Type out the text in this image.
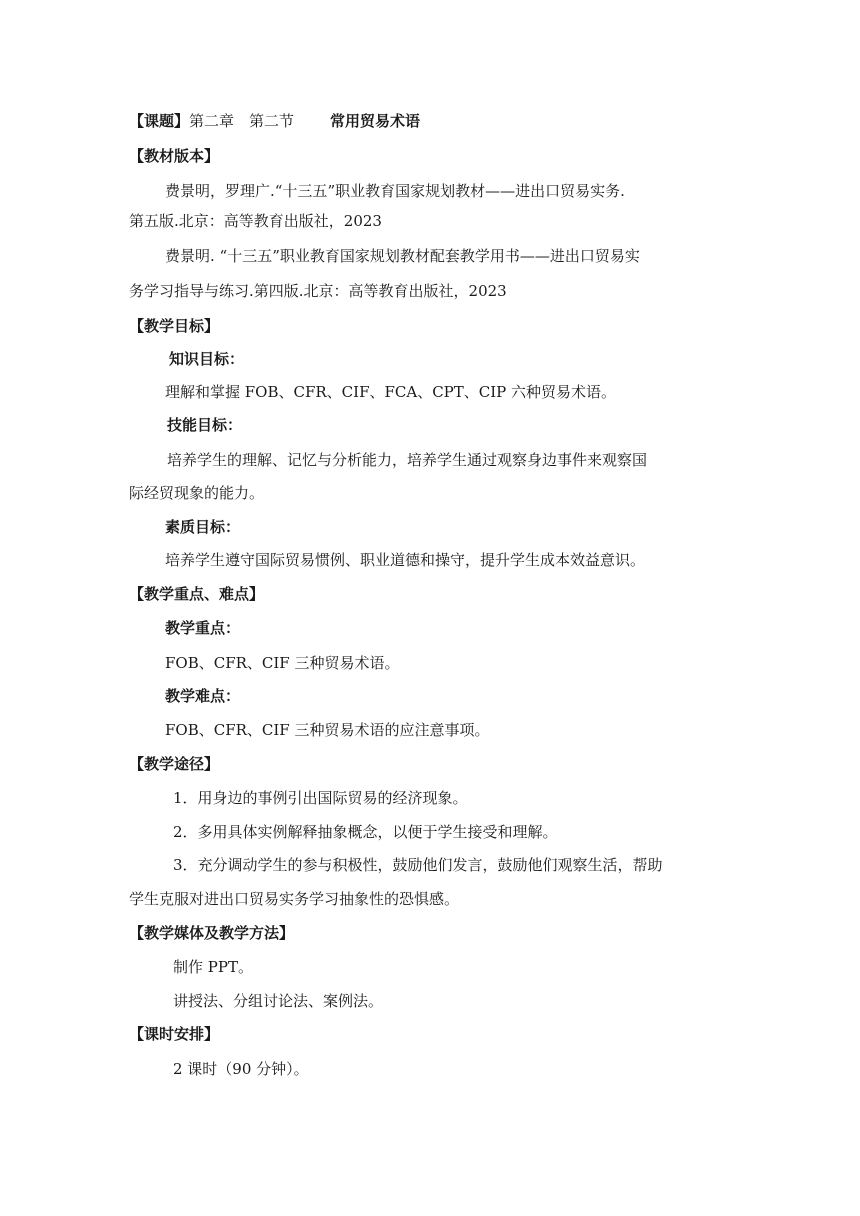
【课题】第二章　第二节 常用贸易术语
【教材版本】
费景明，罗理广.“十三五”职业教育国家规划教材——进出口贸易实务.
第五版.北京：高等教育出版社，2023
费景明. “十三五”职业教育国家规划教材配套教学用书——进出口贸易实
务学习指导与练习.第四版.北京：高等教育出版社，2023
【教学目标】
知识目标：
理解和掌握 FOB、CFR、CIF、FCA、CPT、CIP 六种贸易术语。
技能目标：
培养学生的理解、记忆与分析能力，培养学生通过观察身边事件来观察国
际经贸现象的能力。
素质目标：
培养学生遵守国际贸易惯例、职业道德和操守，提升学生成本效益意识。
【教学重点、难点】
教学重点：
FOB、CFR、CIF 三种贸易术语。
教学难点：
FOB、CFR、CIF 三种贸易术语的应注意事项。
【教学途径】
1．用身边的事例引出国际贸易的经济现象。
2．多用具体实例解释抽象概念，以便于学生接受和理解。
3．充分调动学生的参与积极性，鼓励他们发言，鼓励他们观察生活，帮助
学生克服对进出口贸易实务学习抽象性的恐惧感。
【教学媒体及教学方法】
制作 PPT。
讲授法、分组讨论法、案例法。
【课时安排】
2 课时（90 分钟）。
